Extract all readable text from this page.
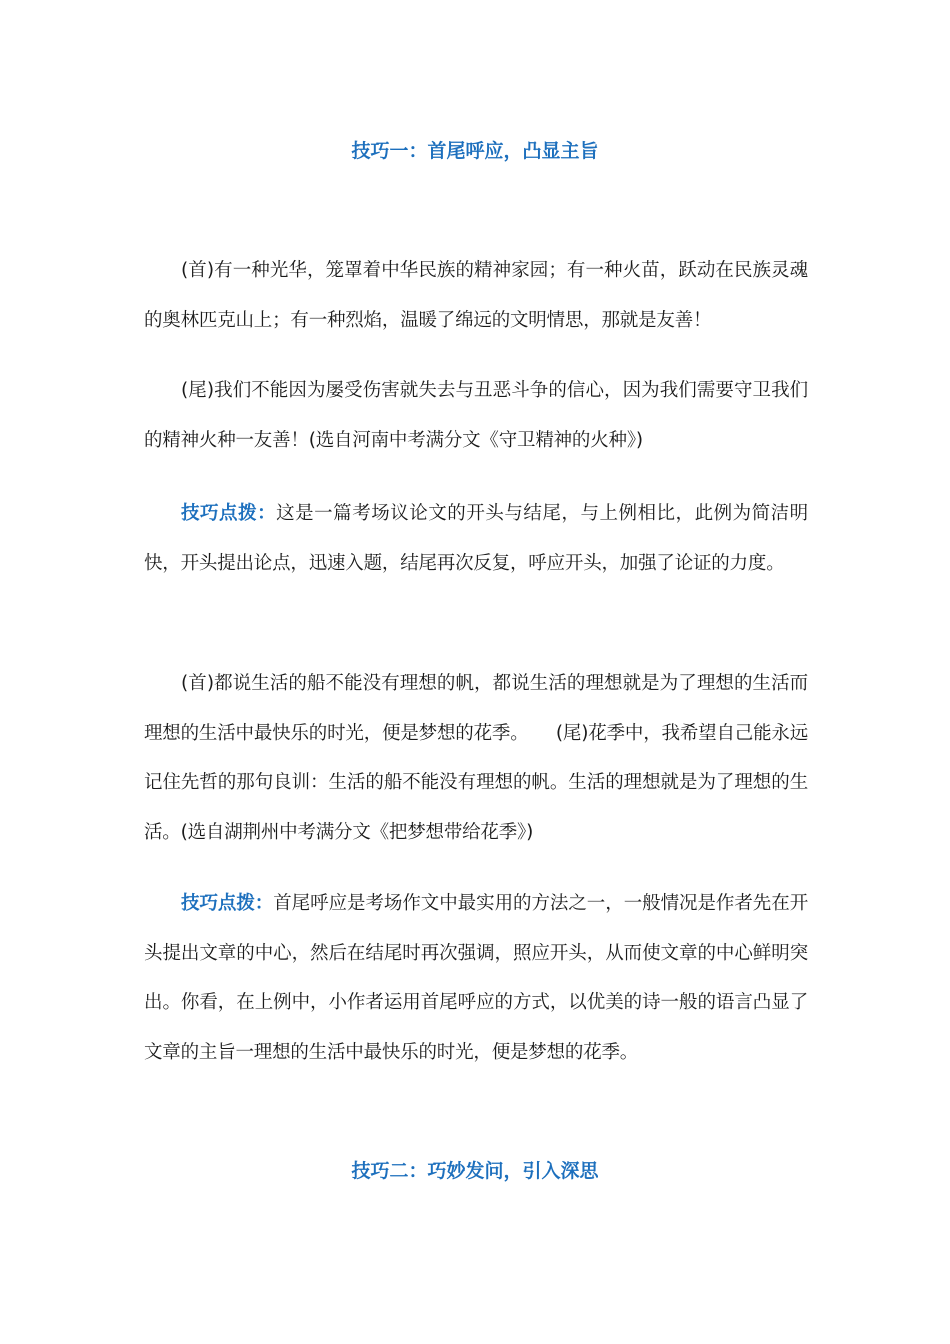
技巧一：首尾呼应，凸显主旨

(首)有一种光华，笼罩着中华民族的精神家园；有一种火苗，跃动在民族灵魂的奥林匹克山上；有一种烈焰，温暖了绵远的文明情思，那就是友善！

(尾)我们不能因为屡受伤害就失去与丑恶斗争的信心，因为我们需要守卫我们的精神火种一友善！(选自河南中考满分文《守卫精神的火种》)

技巧点拨：这是一篇考场议论文的开头与结尾，与上例相比，此例为简洁明快，开头提出论点，迅速入题，结尾再次反复，呼应开头，加强了论证的力度。

(首)都说生活的船不能没有理想的帆，都说生活的理想就是为了理想的生活而理想的生活中最快乐的时光，便是梦想的花季。　　(尾)花季中，我希望自己能永远记住先哲的那句良训：生活的船不能没有理想的帆。生活的理想就是为了理想的生活。(选自湖荆州中考满分文《把梦想带给花季》)

技巧点拨：首尾呼应是考场作文中最实用的方法之一，一般情况是作者先在开头提出文章的中心，然后在结尾时再次强调，照应开头，从而使文章的中心鲜明突出。你看，在上例中，小作者运用首尾呼应的方式，以优美的诗一般的语言凸显了文章的主旨一理想的生活中最快乐的时光，便是梦想的花季。

技巧二：巧妙发问，引入深思
